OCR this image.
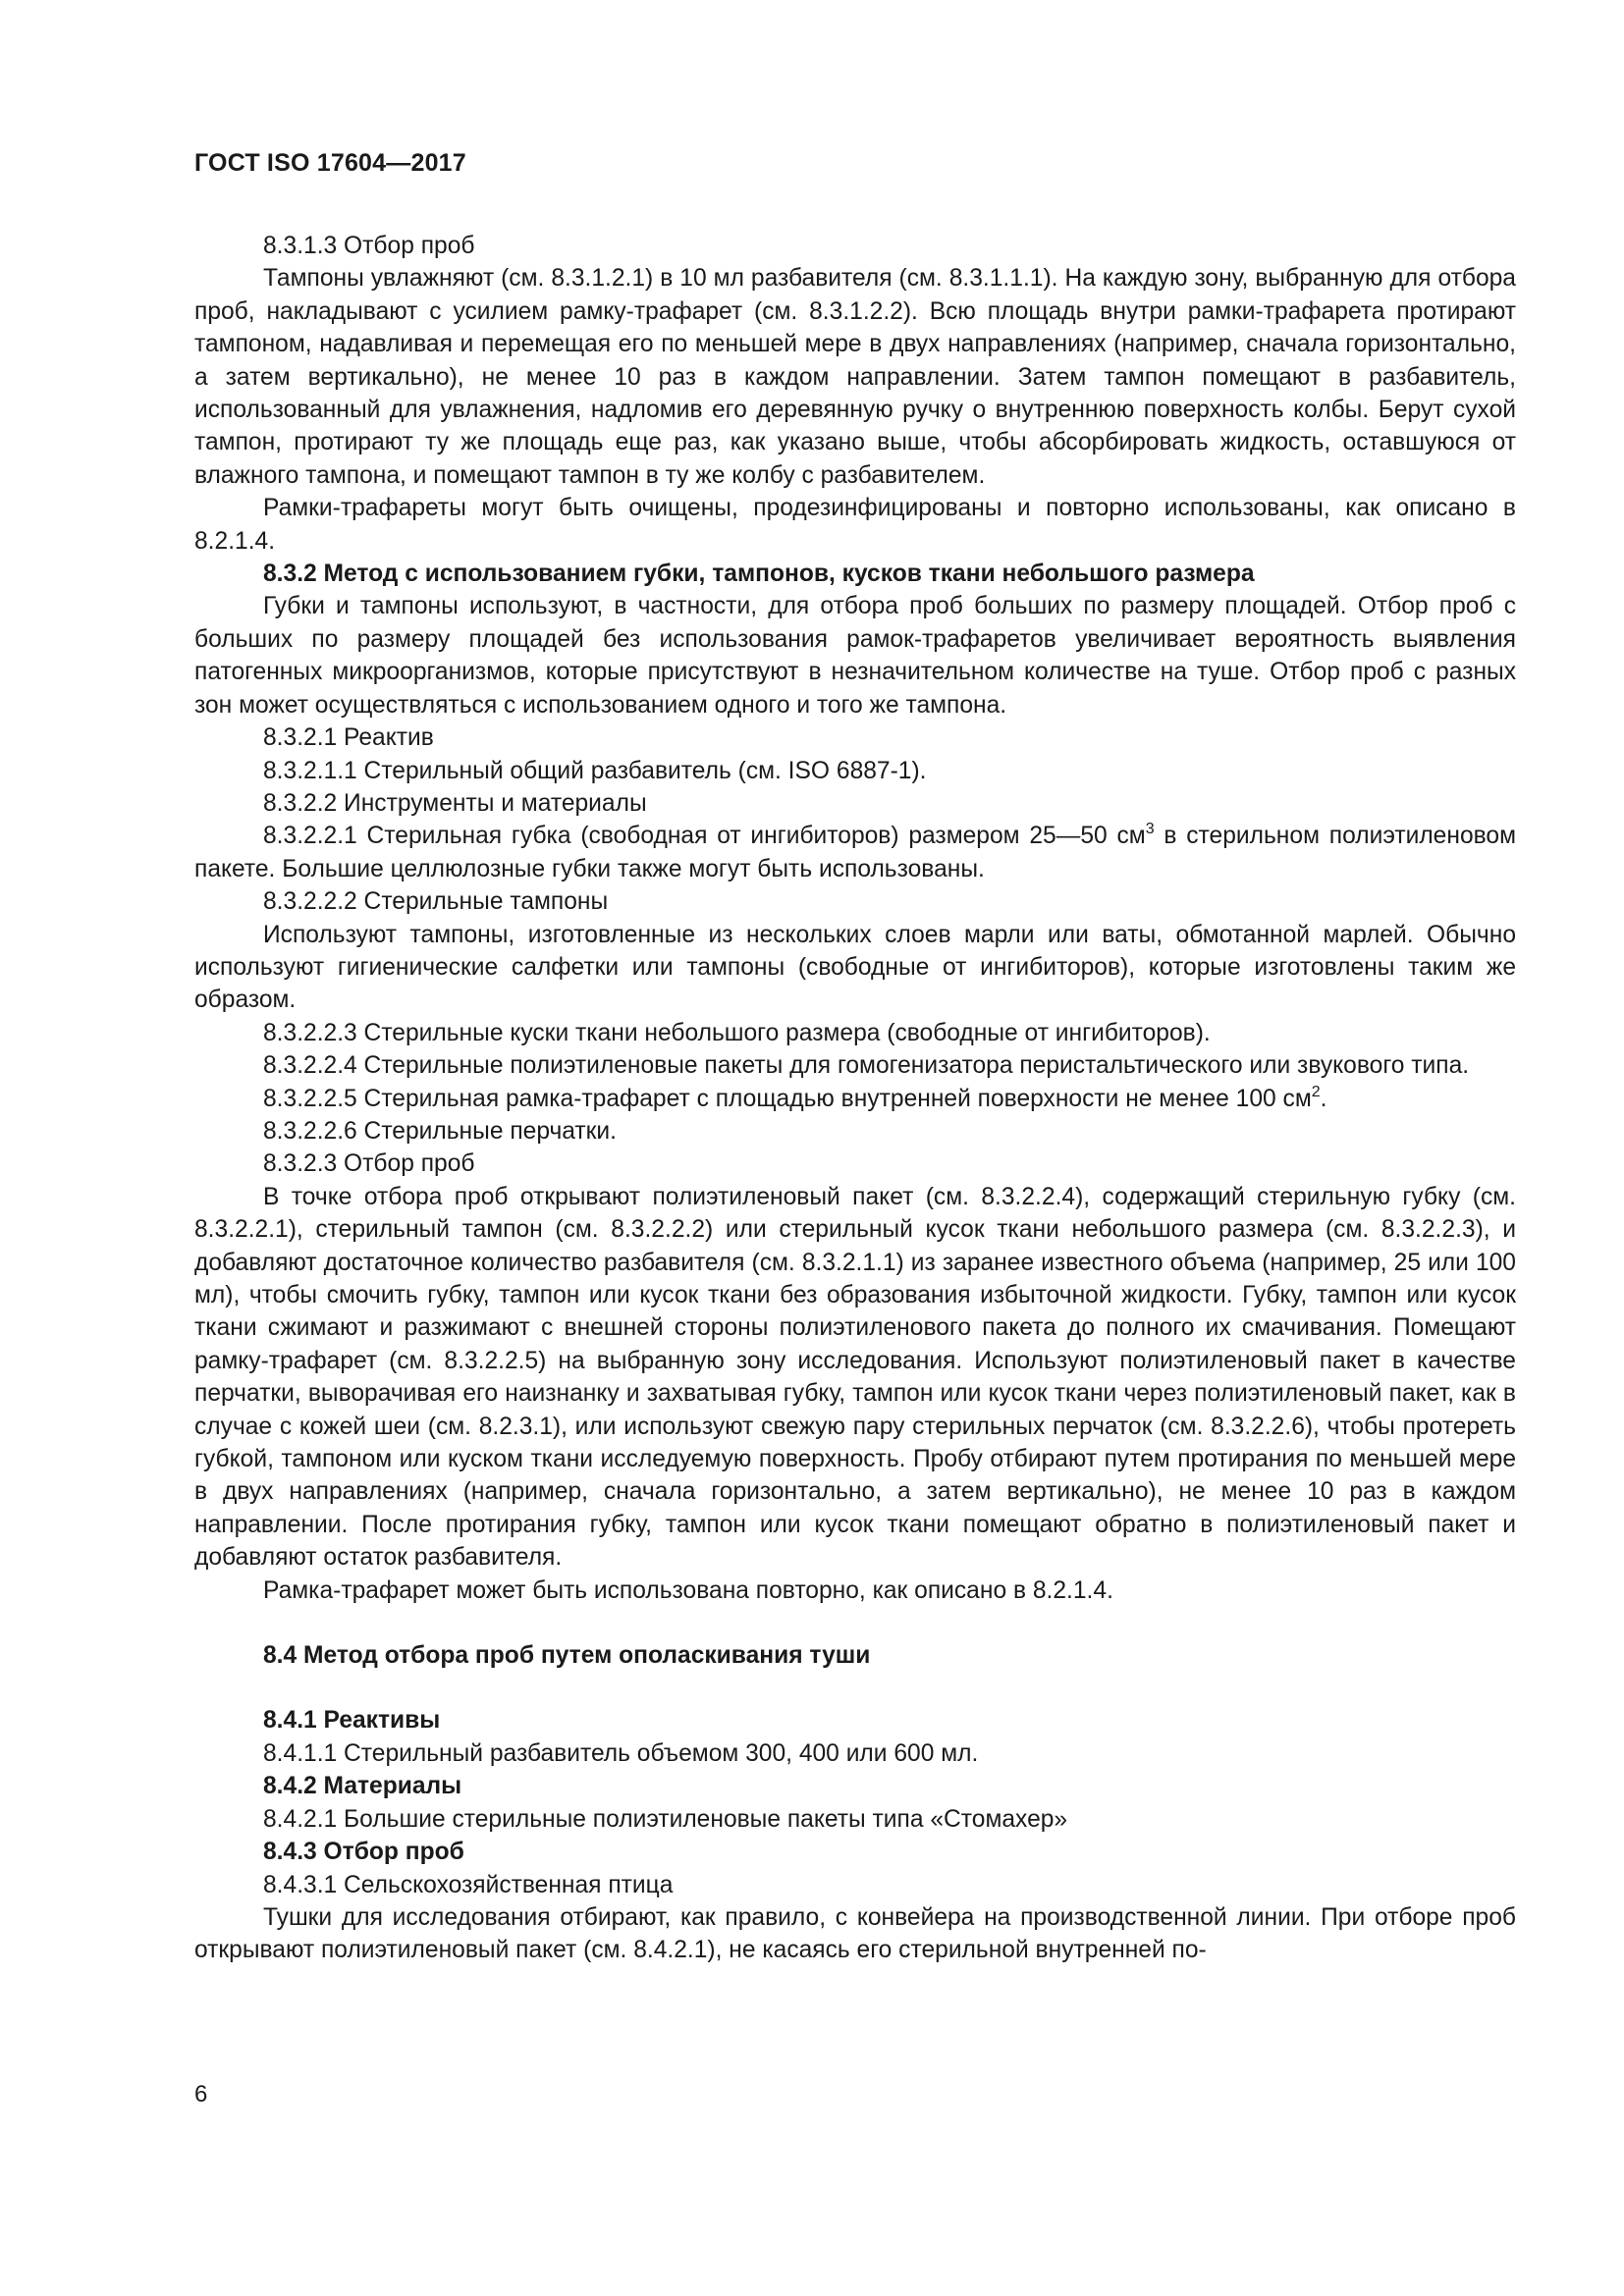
ГОСТ ISO 17604—2017

8.3.1.3 Отбор проб

Тампоны увлажняют (см. 8.3.1.2.1) в 10 мл разбавителя (см. 8.3.1.1.1). На каждую зону, выбранную для отбора проб, накладывают с усилием рамку-трафарет (см. 8.3.1.2.2). Всю площадь внутри рамки-трафарета протирают тампоном, надавливая и перемещая его по меньшей мере в двух направлениях (например, сначала горизонтально, а затем вертикально), не менее 10 раз в каждом направлении. Затем тампон помещают в разбавитель, использованный для увлажнения, надломив его деревянную ручку о внутреннюю поверхность колбы. Берут сухой тампон, протирают ту же площадь еще раз, как указано выше, чтобы абсорбировать жидкость, оставшуюся от влажного тампона, и помещают тампон в ту же колбу с разбавителем.

Рамки-трафареты могут быть очищены, продезинфицированы и повторно использованы, как описано в 8.2.1.4.

8.3.2 Метод с использованием губки, тампонов, кусков ткани небольшого размера

Губки и тампоны используют, в частности, для отбора проб больших по размеру площадей. Отбор проб с больших по размеру площадей без использования рамок-трафаретов увеличивает вероятность выявления патогенных микроорганизмов, которые присутствуют в незначительном количестве на туше. Отбор проб с разных зон может осуществляться с использованием одного и того же тампона.

8.3.2.1 Реактив

8.3.2.1.1 Стерильный общий разбавитель (см. ISO 6887-1).

8.3.2.2 Инструменты и материалы

8.3.2.2.1 Стерильная губка (свободная от ингибиторов) размером 25—50 $см^3$ в стерильном полиэтиленовом пакете. Большие целлюлозные губки также могут быть использованы.

8.3.2.2.2 Стерильные тампоны

Используют тампоны, изготовленные из нескольких слоев марли или ваты, обмотанной марлей. Обычно используют гигиенические салфетки или тампоны (свободные от ингибиторов), которые изготовлены таким же образом.

8.3.2.2.3 Стерильные куски ткани небольшого размера (свободные от ингибиторов).

8.3.2.2.4 Стерильные полиэтиленовые пакеты для гомогенизатора перистальтического или звукового типа.

8.3.2.2.5 Стерильная рамка-трафарет с площадью внутренней поверхности не менее 100 $см^2$.

8.3.2.2.6 Стерильные перчатки.

8.3.2.3 Отбор проб

В точке отбора проб открывают полиэтиленовый пакет (см. 8.3.2.2.4), содержащий стерильную губку (см. 8.3.2.2.1), стерильный тампон (см. 8.3.2.2.2) или стерильный кусок ткани небольшого размера (см. 8.3.2.2.3), и добавляют достаточное количество разбавителя (см. 8.3.2.1.1) из заранее известного объема (например, 25 или 100 мл), чтобы смочить губку, тампон или кусок ткани без образования избыточной жидкости. Губку, тампон или кусок ткани сжимают и разжимают с внешней стороны полиэтиленового пакета до полного их смачивания. Помещают рамку-трафарет (см. 8.3.2.2.5) на выбранную зону исследования. Используют полиэтиленовый пакет в качестве перчатки, выворачивая его наизнанку и захватывая губку, тампон или кусок ткани через полиэтиленовый пакет, как в случае с кожей шеи (см. 8.2.3.1), или используют свежую пару стерильных перчаток (см. 8.3.2.2.6), чтобы протереть губкой, тампоном или куском ткани исследуемую поверхность. Пробу отбирают путем протирания по меньшей мере в двух направлениях (например, сначала горизонтально, а затем вертикально), не менее 10 раз в каждом направлении. После протирания губку, тампон или кусок ткани помещают обратно в полиэтиленовый пакет и добавляют остаток разбавителя.

Рамка-трафарет может быть использована повторно, как описано в 8.2.1.4.

8.4 Метод отбора проб путем ополаскивания туши

8.4.1 Реактивы

8.4.1.1 Стерильный разбавитель объемом 300, 400 или 600 мл.

8.4.2 Материалы

8.4.2.1 Большие стерильные полиэтиленовые пакеты типа «Стомахер»

8.4.3 Отбор проб

8.4.3.1 Сельскохозяйственная птица

Тушки для исследования отбирают, как правило, с конвейера на производственной линии. При отборе проб открывают полиэтиленовый пакет (см. 8.4.2.1), не касаясь его стерильной внутренней по-

6
